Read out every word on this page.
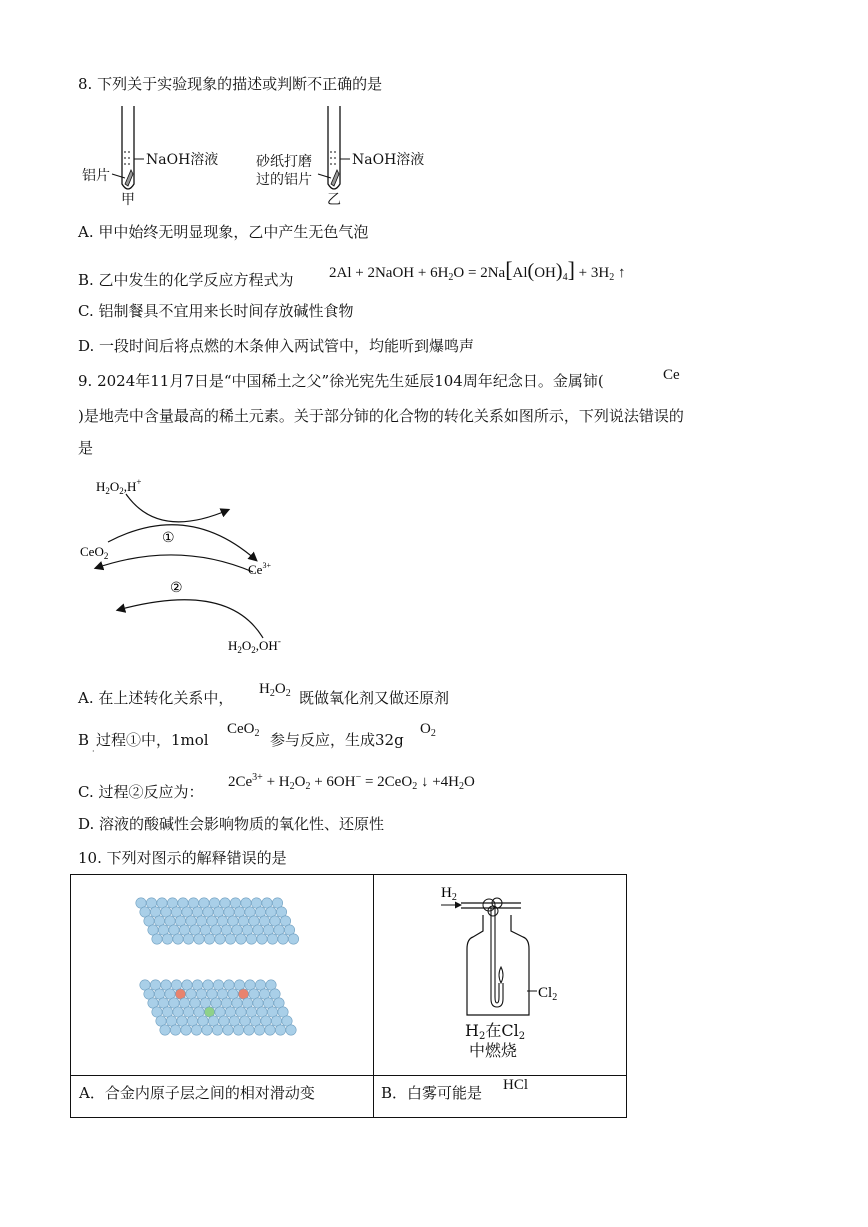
8. 下列关于实验现象的描述或判断不正确的是
NaOH溶液
铝片
甲
NaOH溶液
砂纸打磨
过的铝片
乙
A. 甲中始终无明显现象，乙中产生无色气泡
B. 乙中发生的化学反应方程式为 2Al + 2NaOH + $6H_2O = 2Na[Al(OH)_4] + 3H_2$ ↑
C. 铝制餐具不宜用来长时间存放碱性食物
D. 一段时间后将点燃的木条伸入两试管中，均能听到爆鸣声
9. 2024年11月7日是“中国稀土之父”徐光宪先生延辰104周年纪念日。金属铈(	Ce
)是地壳中含量最高的稀土元素。关于部分铈的化合物的转化关系如图所示，下列说法错误的
是
$H_2O_2,H^+$
CeO$_2$
$Ce^{3+}$
$H_2O_2,OH^-$
①
②
A. 在上述转化关系中， $H_2O_2$ 既做氧化剂又做还原剂
B
·
过程①中，1mol
CeO$_2$ 参与反应，生成32g
$O_2$
C. 过程②反应为：
$2Ce^{3+} + H_2O_2 + 6OH^- = 2CeO_2$ ↓ $+4H_2O$
D. 溶液的酸碱性会影响物质的氧化性、还原性
10. 下列对图示的解释错误的是
$H_2$
$Cl_2$
$H_2$在$Cl_2$
中燃烧
A．合金内原子层之间的相对滑动变	B．白雾可能是 HCl
